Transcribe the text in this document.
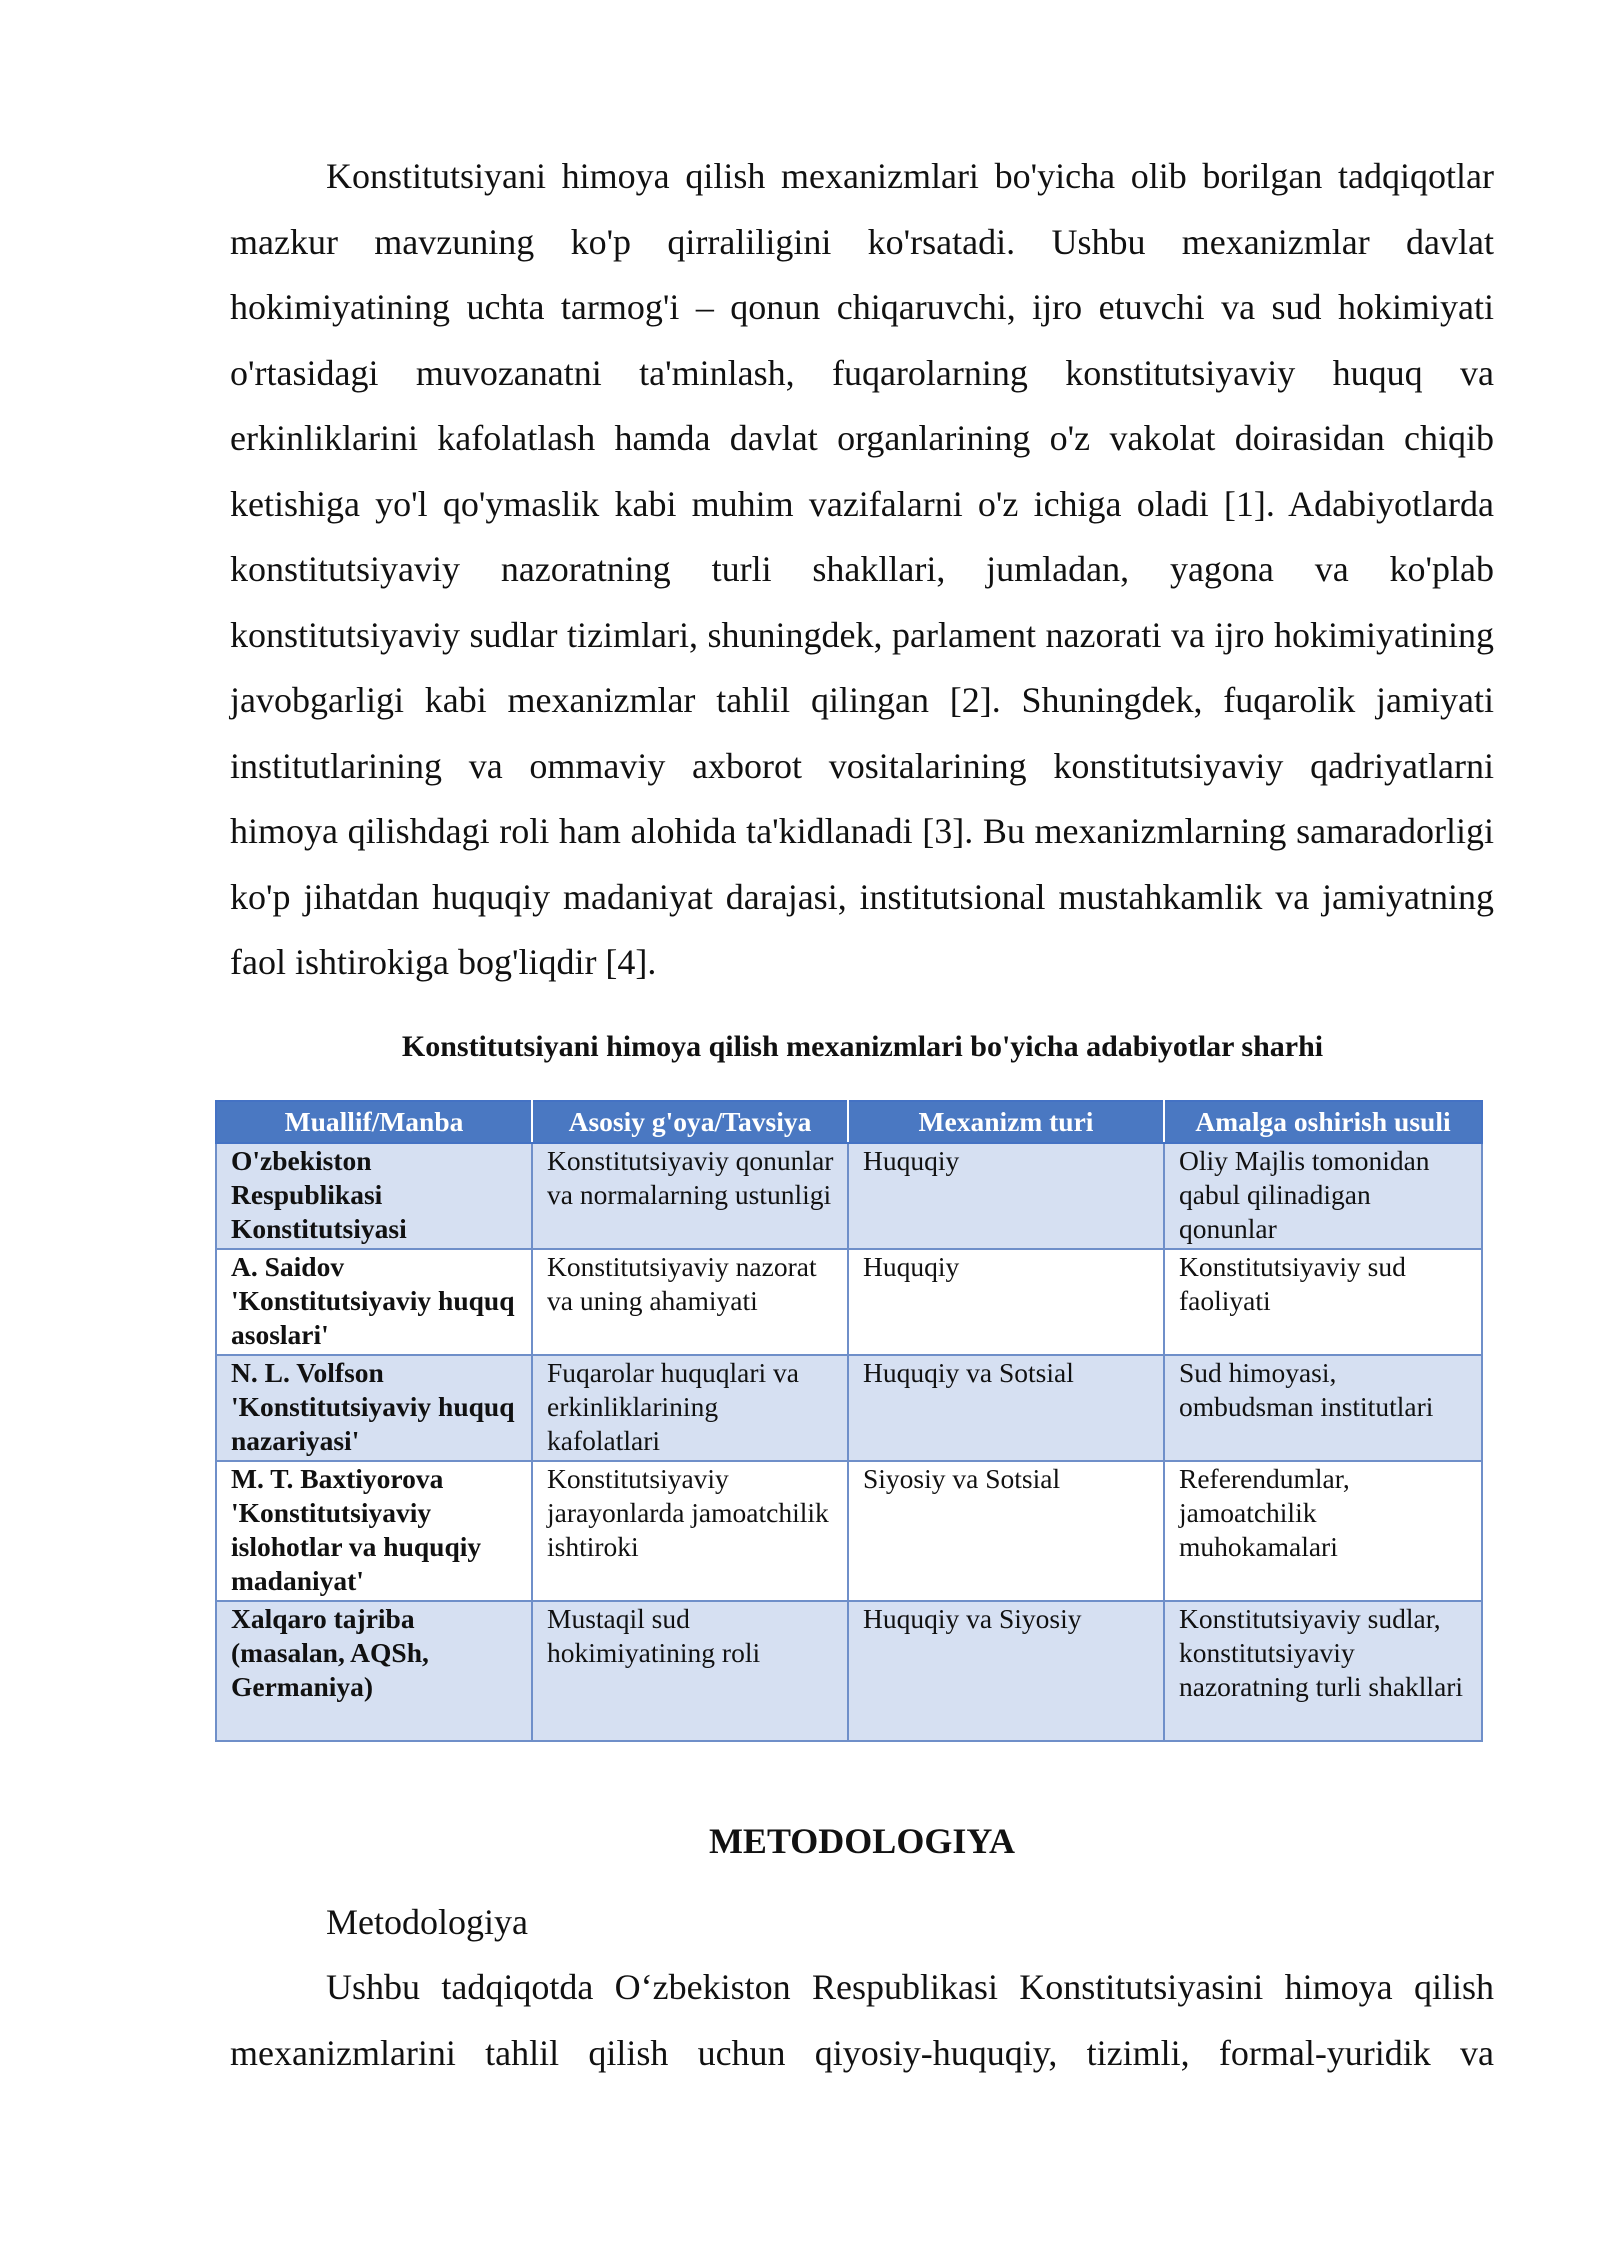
Konstitutsiyani himoya qilish mexanizmlari bo'yicha olib borilgan tadqiqotlar mazkur mavzuning ko'p qirraliligini ko'rsatadi. Ushbu mexanizmlar davlat hokimiyatining uchta tarmog'i – qonun chiqaruvchi, ijro etuvchi va sud hokimiyati o'rtasidagi muvozanatni ta'minlash, fuqarolarning konstitutsiyaviy huquq va erkinliklarini kafolatlash hamda davlat organlarining o'z vakolat doirasidan chiqib ketishiga yo'l qo'ymaslik kabi muhim vazifalarni o'z ichiga oladi [1]. Adabiyotlarda konstitutsiyaviy nazoratning turli shakllari, jumladan, yagona va ko'plab konstitutsiyaviy sudlar tizimlari, shuningdek, parlament nazorati va ijro hokimiyatining javobgarligi kabi mexanizmlar tahlil qilingan [2]. Shuningdek, fuqarolik jamiyati institutlarining va ommaviy axborot vositalarining konstitutsiyaviy qadriyatlarni himoya qilishdagi roli ham alohida ta'kidlanadi [3]. Bu mexanizmlarning samaradorligi ko'p jihatdan huquqiy madaniyat darajasi, institutsional mustahkamlik va jamiyatning faol ishtirokiga bog'liqdir [4].

Konstitutsiyani himoya qilish mexanizmlari bo'yicha adabiyotlar sharhi
Muallif/Manba	Asosiy g'oya/Tavsiya	Mexanizm turi	Amalga oshirish usuli
O'zbekiston Respublikasi Konstitutsiyasi	Konstitutsiyaviy qonunlar va normalarning ustunligi	Huquqiy	Oliy Majlis tomonidan qabul qilinadigan qonunlar
A. Saidov 'Konstitutsiyaviy huquq asoslari'	Konstitutsiyaviy nazorat va uning ahamiyati	Huquqiy	Konstitutsiyaviy sud faoliyati
N. L. Volfson 'Konstitutsiyaviy huquq nazariyasi'	Fuqarolar huquqlari va erkinliklarining kafolatlari	Huquqiy va Sotsial	Sud himoyasi, ombudsman institutlari
M. T. Baxtiyorova 'Konstitutsiyaviy islohotlar va huquqiy madaniyat'	Konstitutsiyaviy jarayonlarda jamoatchilik ishtiroki	Siyosiy va Sotsial	Referendumlar, jamoatchilik muhokamalari
Xalqaro tajriba (masalan, AQSh, Germaniya)	Mustaqil sud hokimiyatining roli	Huquqiy va Siyosiy	Konstitutsiyaviy sudlar, konstitutsiyaviy nazoratning turli shakllari
METODOLOGIYA
Metodologiya

Ushbu tadqiqotda O‘zbekiston Respublikasi Konstitutsiyasini himoya qilish mexanizmlarini tahlil qilish uchun qiyosiy-huquqiy, tizimli, formal-yuridik va
